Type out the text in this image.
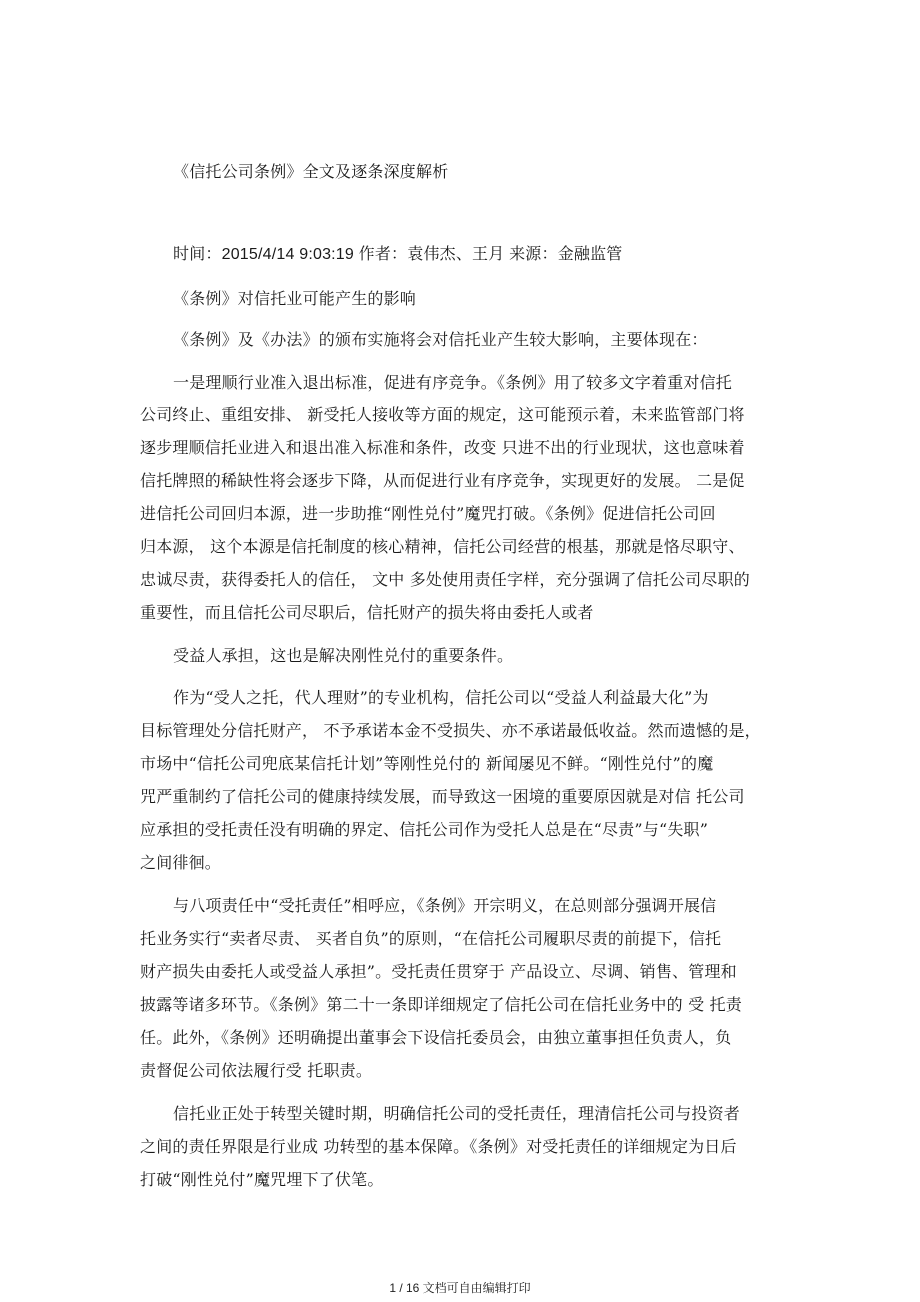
《信托公司条例》全文及逐条深度解析
时间：2015/4/14 9:03:19 作者：袁伟杰、王月 来源：金融监管
《条例》对信托业可能产生的影响
《条例》及《办法》的颁布实施将会对信托业产生较大影响，主要体现在：
一是理顺行业准入退出标准，促进有序竞争。《条例》用了较多文字着重对信托
公司终止、重组安排、 新受托人接收等方面的规定，这可能预示着，未来监管部门将
逐步理顺信托业进入和退出准入标准和条件，改变 只进不出的行业现状，这也意味着
信托牌照的稀缺性将会逐步下降，从而促进行业有序竞争，实现更好的发展。 二是促
进信托公司回归本源，进一步助推“刚性兑付”魔咒打破。《条例》促进信托公司回
归本源， 这个本源是信托制度的核心精神，信托公司经营的根基，那就是恪尽职守、
忠诚尽责，获得委托人的信任， 文中 多处使用责任字样，充分强调了信托公司尽职的
重要性，而且信托公司尽职后，信托财产的损失将由委托人或者
受益人承担，这也是解决刚性兑付的重要条件。
作为“受人之托，代人理财”的专业机构，信托公司以“受益人利益最大化”为
目标管理处分信托财产， 不予承诺本金不受损失、亦不承诺最低收益。然而遗憾的是，
市场中“信托公司兜底某信托计划”等刚性兑付的 新闻屡见不鲜。“刚性兑付”的魔
咒严重制约了信托公司的健康持续发展，而导致这一困境的重要原因就是对信 托公司
应承担的受托责任没有明确的界定、信托公司作为受托人总是在“尽责”与“失职”
之间徘徊。
与八项责任中“受托责任”相呼应，《条例》开宗明义，在总则部分强调开展信
托业务实行“卖者尽责、 买者自负”的原则，“在信托公司履职尽责的前提下，信托
财产损失由委托人或受益人承担”。受托责任贯穿于 产品设立、尽调、销售、管理和
披露等诸多环节。《条例》第二十一条即详细规定了信托公司在信托业务中的 受 托责
任。此外，《条例》还明确提出董事会下设信托委员会，由独立董事担任负责人，负
责督促公司依法履行受 托职责。
信托业正处于转型关键时期，明确信托公司的受托责任，理清信托公司与投资者
之间的责任界限是行业成 功转型的基本保障。《条例》对受托责任的详细规定为日后
打破“刚性兑付”魔咒埋下了伏笔。
1 / 16 文档可自由编辑打印
